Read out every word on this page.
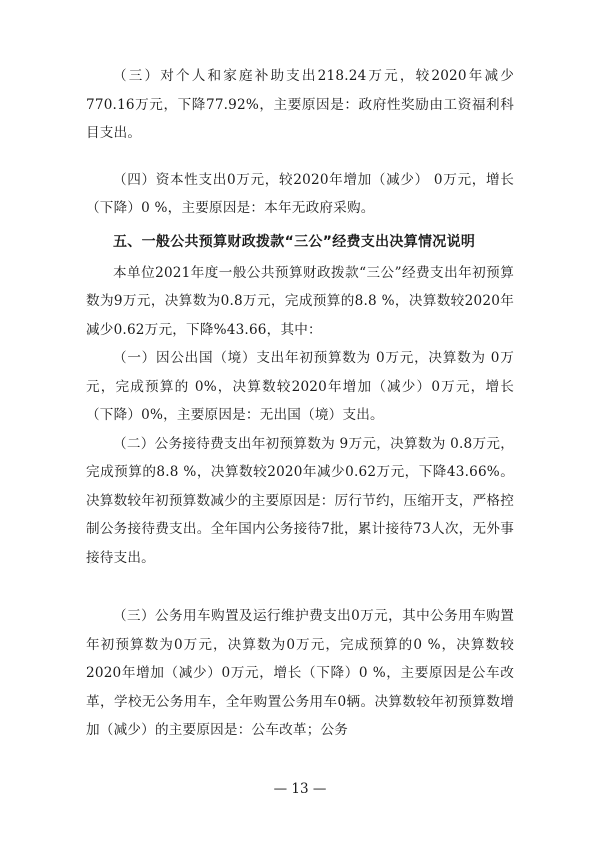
（三）对个人和家庭补助支出218.24万元，较2020年减少770.16万元，下降77.92%，主要原因是：政府性奖励由工资福利科目支出。

（四）资本性支出0万元，较2020年增加（减少） 0万元，增长（下降）0 %，主要原因是：本年无政府采购。

五、一般公共预算财政拨款“三公”经费支出决算情况说明

本单位2021年度一般公共预算财政拨款“三公”经费支出年初预算数为9万元，决算数为0.8万元，完成预算的8.8 %，决算数较2020年减少0.62万元，下降%43.66，其中：

（一）因公出国（境）支出年初预算数为 0万元，决算数为 0万元，完成预算的 0%，决算数较2020年增加（减少）0万元，增长（下降）0%，主要原因是：无出国（境）支出。

（二）公务接待费支出年初预算数为 9万元，决算数为 0.8万元，完成预算的8.8 %，决算数较2020年减少0.62万元，下降43.66%。决算数较年初预算数减少的主要原因是：厉行节约，压缩开支，严格控制公务接待费支出。全年国内公务接待7批，累计接待73人次，无外事接待支出。

（三）公务用车购置及运行维护费支出0万元，其中公务用车购置年初预算数为0万元，决算数为0万元，完成预算的0 %，决算数较2020年增加（减少）0万元，增长（下降）0 %，主要原因是公车改革，学校无公务用车，全年购置公务用车0辆。决算数较年初预算数增加（减少）的主要原因是：公车改革；公务

— 13 —
